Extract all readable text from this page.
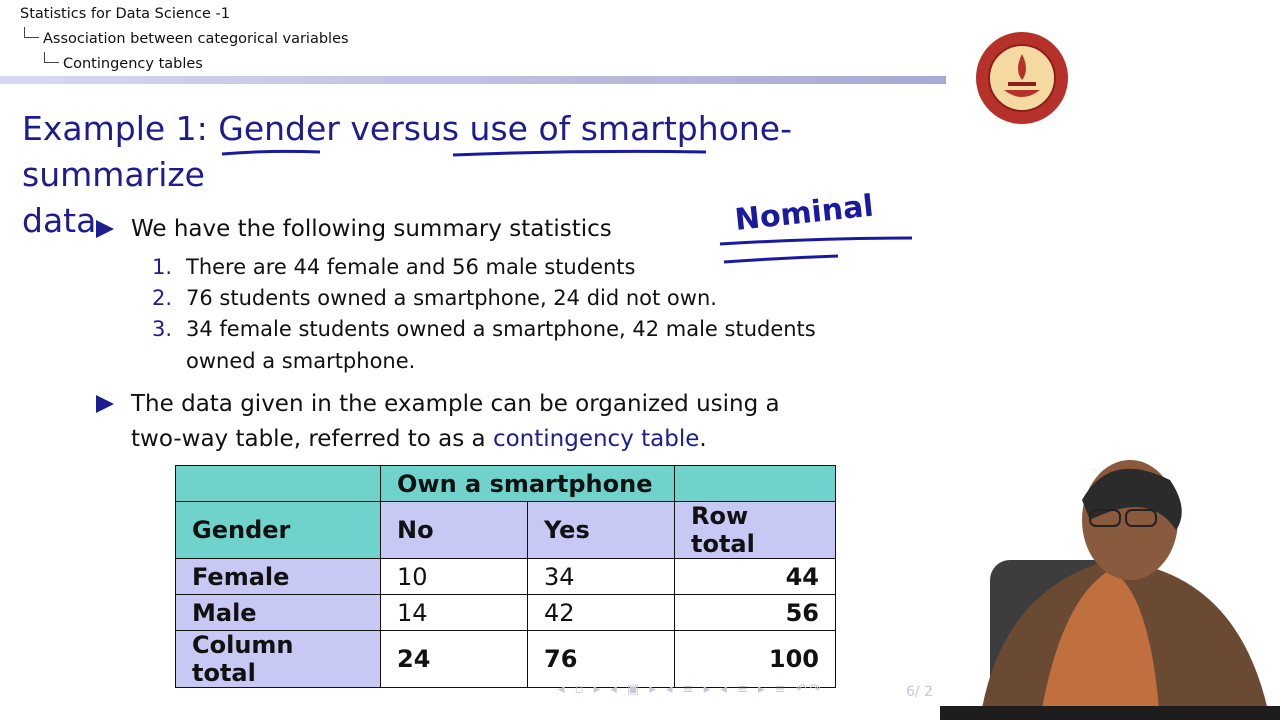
Statistics for Data Science -1
Association between categorical variables
Contingency tables
Example 1: Gender versus use of smartphone-summarize
data	We have the following summary statistics
1. There are 44 female and 56 male students
2. 76 students owned a smartphone, 24 did not own.
3. 34 female students owned a smartphone, 42 male students
owned a smartphone.
The data given in the example can be organized using a
two-way table, referred to as a contingency table.
	Own a smartphone		
Gender	No	Yes	Row total
Female	10	34	44
Male	14	42	56
Column total	24	76	100
Nominal
◂ ▫ ▸ ◂ ▣ ▸ ◂ ≡ ▸ ◂ ≡ ▸ ≡ ↶↷	6/ 2
